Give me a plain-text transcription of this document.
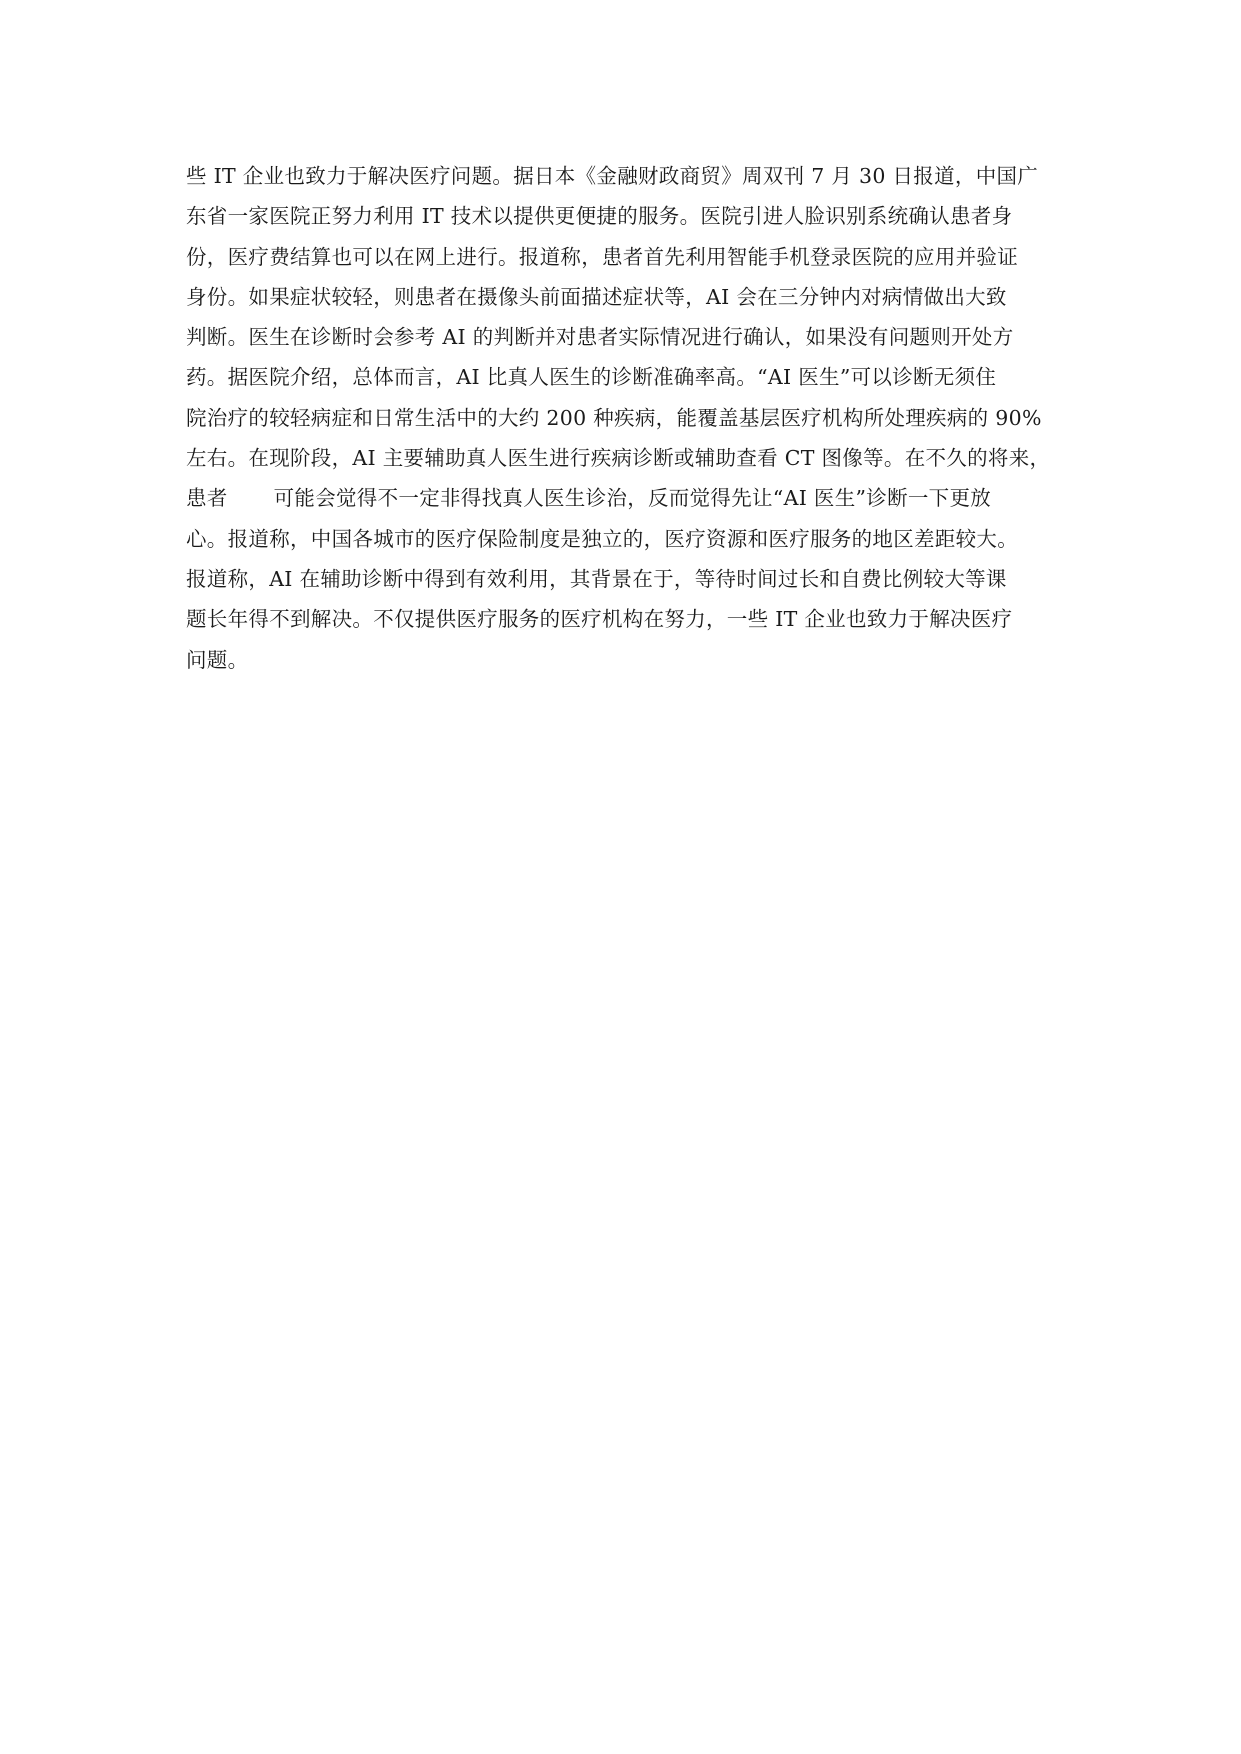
些 IT 企业也致力于解决医疗问题。据日本《金融财政商贸》周双刊 7 月 30 日报道，中国广

东省一家医院正努力利用 IT 技术以提供更便捷的服务。医院引进人脸识别系统确认患者身

份，医疗费结算也可以在网上进行。报道称，患者首先利用智能手机登录医院的应用并验证

身份。如果症状较轻，则患者在摄像头前面描述症状等，AI 会在三分钟内对病情做出大致

判断。医生在诊断时会参考 AI 的判断并对患者实际情况进行确认，如果没有问题则开处方

药。据医院介绍，总体而言，AI 比真人医生的诊断准确率高。“AI 医生”可以诊断无须住

院治疗的较轻病症和日常生活中的大约 200 种疾病，能覆盖基层医疗机构所处理疾病的 90%

左右。在现阶段，AI 主要辅助真人医生进行疾病诊断或辅助查看 CT 图像等。在不久的将来，

患者 可能会觉得不一定非得找真人医生诊治，反而觉得先让“AI 医生”诊断一下更放

心。报道称，中国各城市的医疗保险制度是独立的，医疗资源和医疗服务的地区差距较大。

报道称，AI 在辅助诊断中得到有效利用，其背景在于，等待时间过长和自费比例较大等课

题长年得不到解决。不仅提供医疗服务的医疗机构在努力，一些 IT 企业也致力于解决医疗

问题。
